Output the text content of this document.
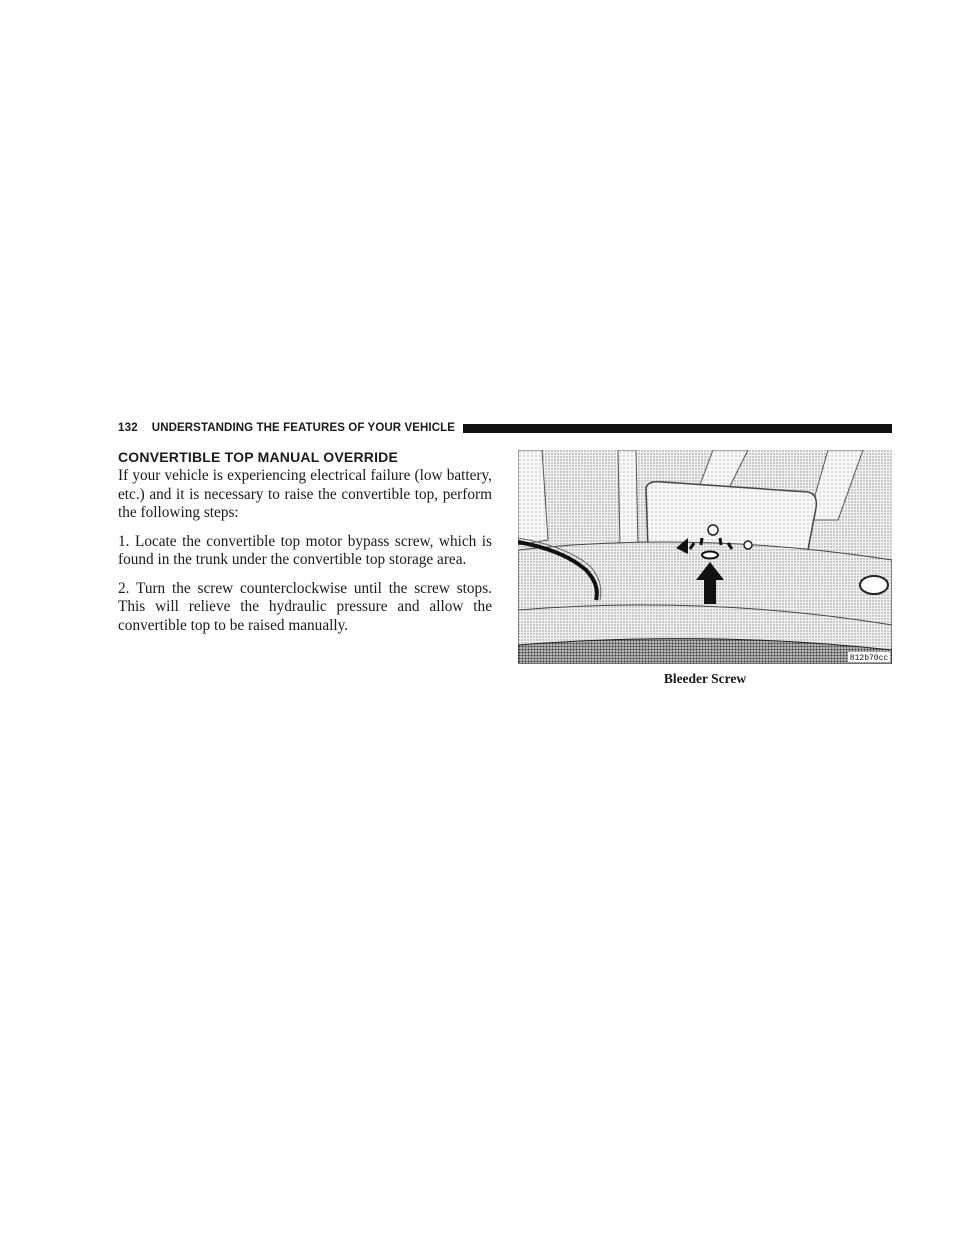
132 UNDERSTANDING THE FEATURES OF YOUR VEHICLE
CONVERTIBLE TOP MANUAL OVERRIDE

If your vehicle is experiencing electrical failure (low battery, etc.) and it is necessary to raise the convertible top, perform the following steps:

1. Locate the convertible top motor bypass screw, which is found in the trunk under the convertible top storage area.

2. Turn the screw counterclockwise until the screw stops. This will relieve the hydraulic pressure and allow the convertible top to be raised manually.

812b70cc
Bleeder Screw
